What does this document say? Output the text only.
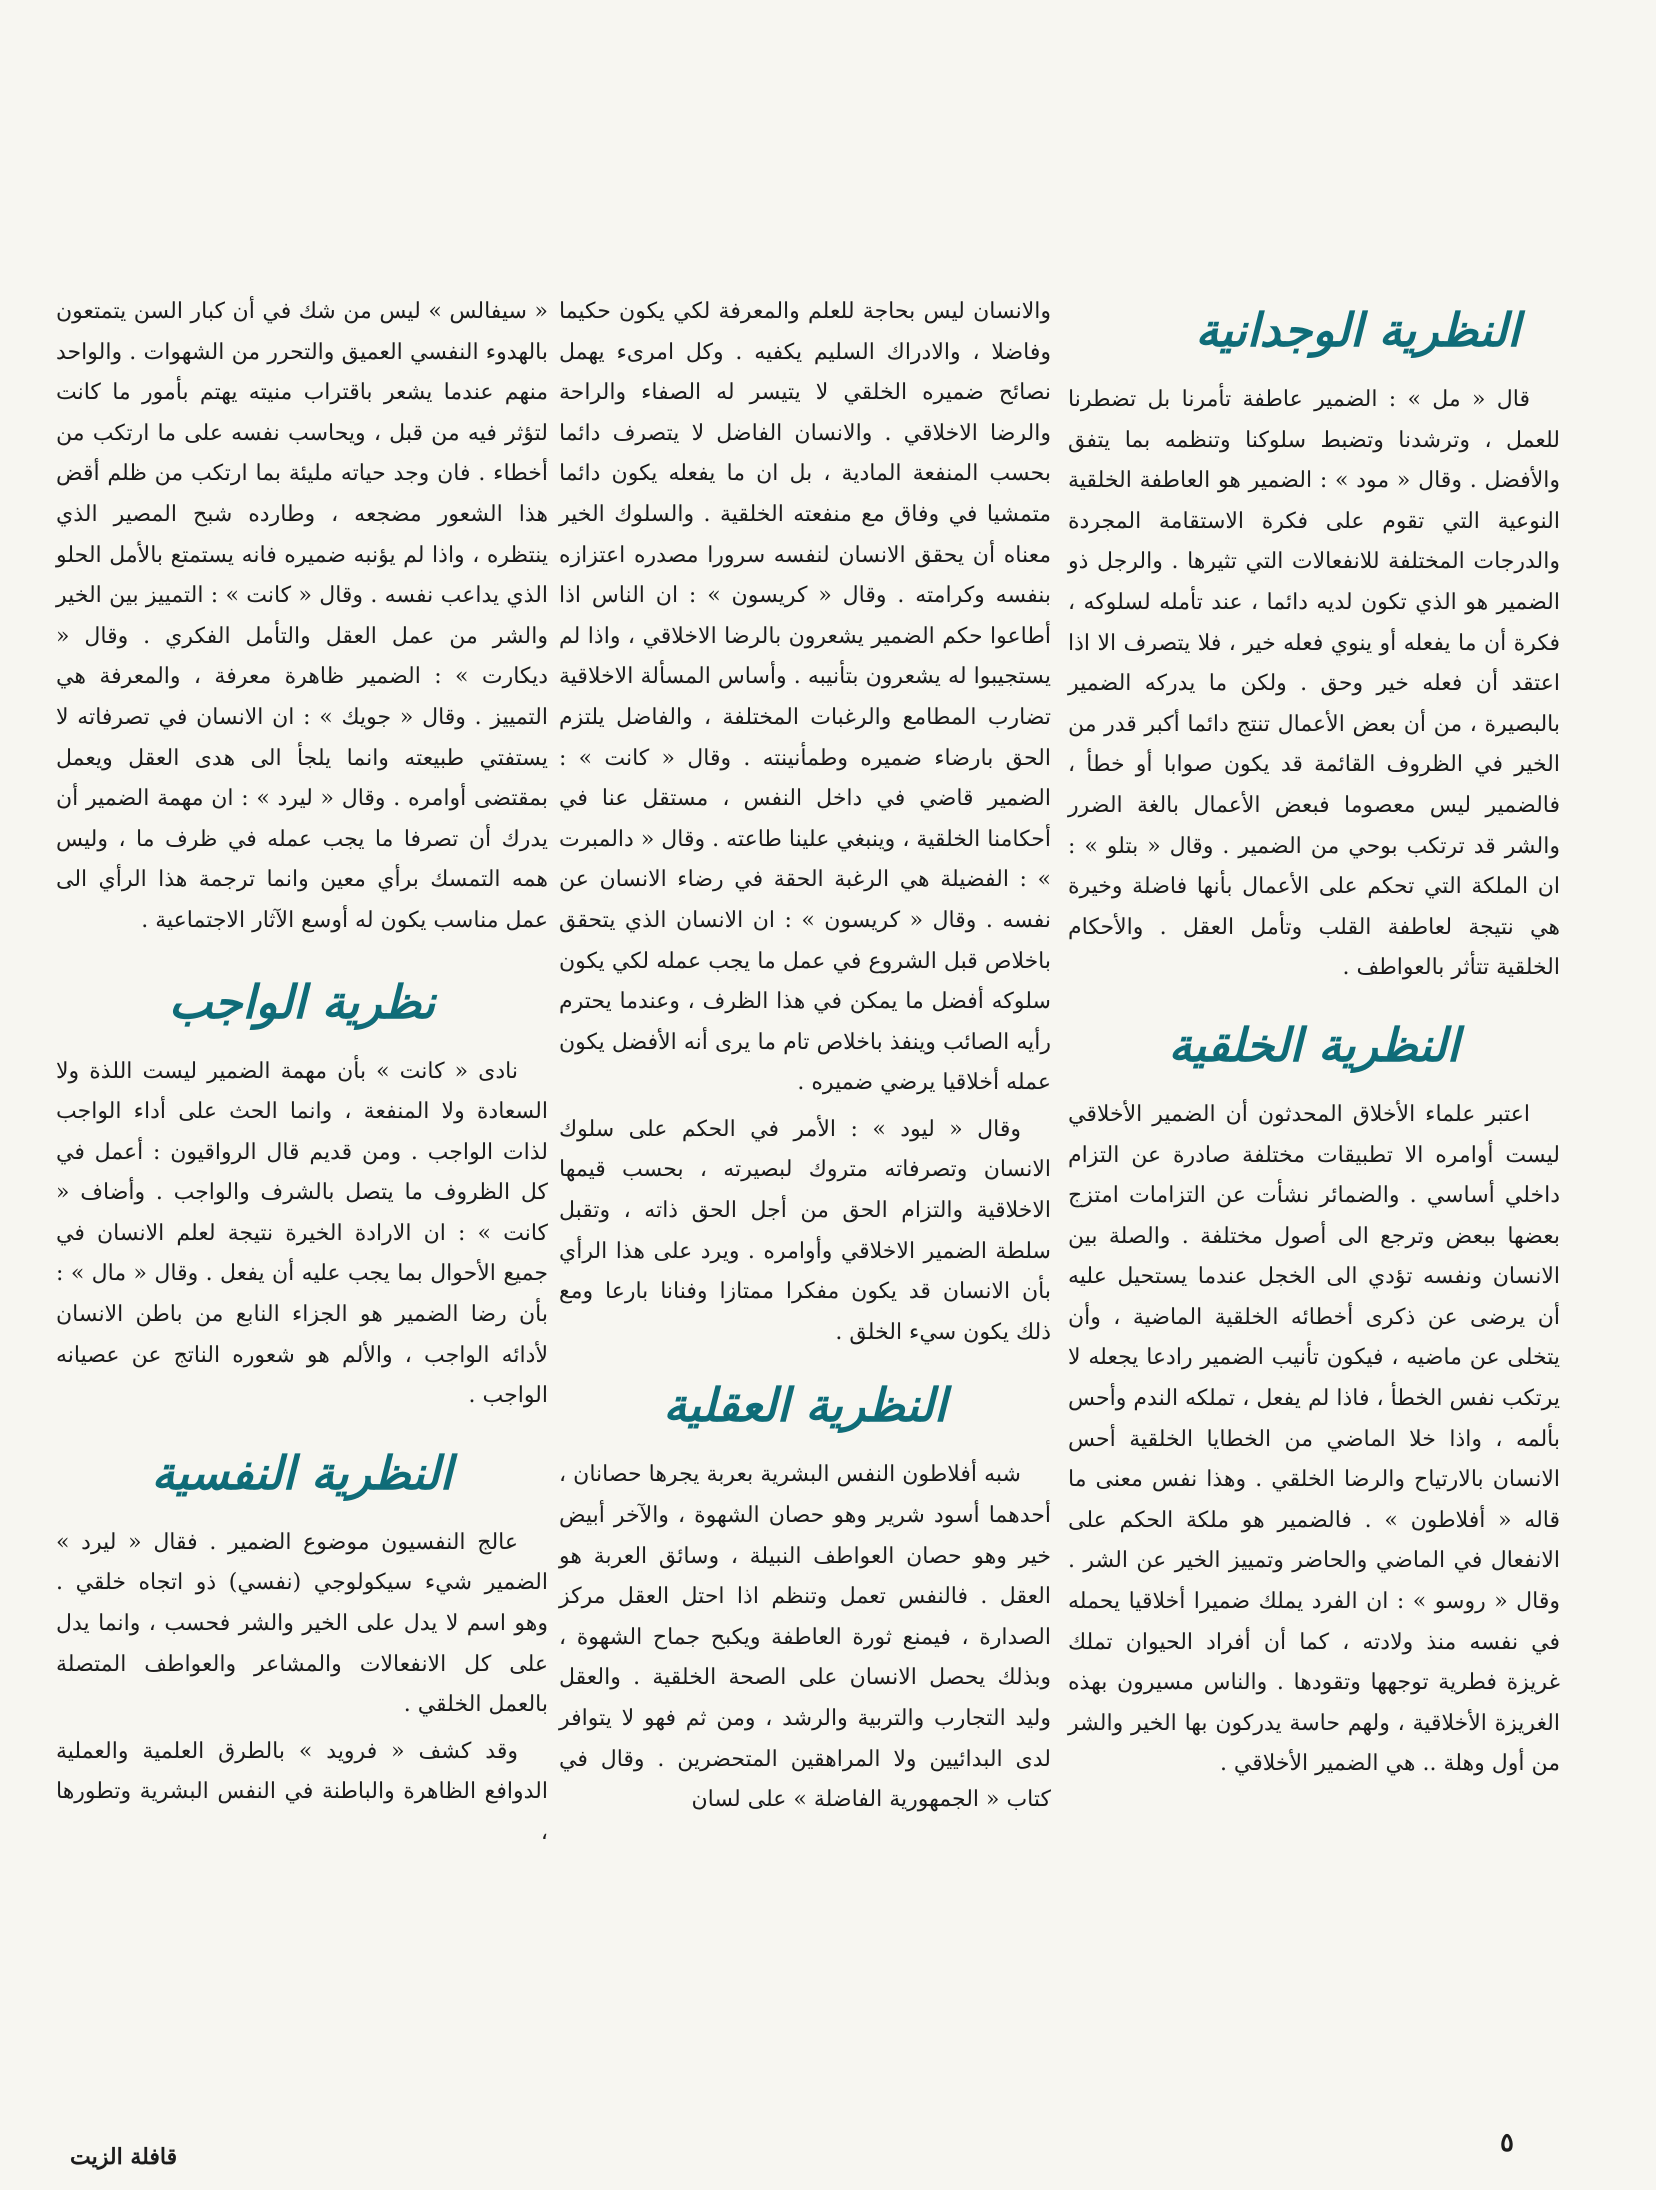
النظرية الوجدانية

قال « مل » : الضمير عاطفة تأمرنا بل تضطرنا للعمل ، وترشدنا وتضبط سلوكنا وتنظمه بما يتفق والأفضل . وقال « مود » : الضمير هو العاطفة الخلقية النوعية التي تقوم على فكرة الاستقامة المجردة والدرجات المختلفة للانفعالات التي تثيرها . والرجل ذو الضمير هو الذي تكون لديه دائما ، عند تأمله لسلوكه ، فكرة أن ما يفعله أو ينوي فعله خير ، فلا يتصرف الا اذا اعتقد أن فعله خير وحق . ولكن ما يدركه الضمير بالبصيرة ، من أن بعض الأعمال تنتج دائما أكبر قدر من الخير في الظروف القائمة قد يكون صوابا أو خطأ ، فالضمير ليس معصوما فبعض الأعمال بالغة الضرر والشر قد ترتكب بوحي من الضمير . وقال « بتلو » : ان الملكة التي تحكم على الأعمال بأنها فاضلة وخيرة هي نتيجة لعاطفة القلب وتأمل العقل . والأحكام الخلقية تتأثر بالعواطف .

النظرية الخلقية

اعتبر علماء الأخلاق المحدثون أن الضمير الأخلاقي ليست أوامره الا تطبيقات مختلفة صادرة عن التزام داخلي أساسي . والضمائر نشأت عن التزامات امتزج بعضها ببعض وترجع الى أصول مختلفة . والصلة بين الانسان ونفسه تؤدي الى الخجل عندما يستحيل عليه أن يرضى عن ذكرى أخطائه الخلقية الماضية ، وأن يتخلى عن ماضيه ، فيكون تأنيب الضمير رادعا يجعله لا يرتكب نفس الخطأ ، فاذا لم يفعل ، تملكه الندم وأحس بألمه ، واذا خلا الماضي من الخطايا الخلقية أحس الانسان بالارتياح والرضا الخلقي . وهذا نفس معنى ما قاله « أفلاطون » . فالضمير هو ملكة الحكم على الانفعال في الماضي والحاضر وتمييز الخير عن الشر . وقال « روسو » : ان الفرد يملك ضميرا أخلاقيا يحمله في نفسه منذ ولادته ، كما أن أفراد الحيوان تملك غريزة فطرية توجهها وتقودها . والناس مسيرون بهذه الغريزة الأخلاقية ، ولهم حاسة يدركون بها الخير والشر من أول وهلة .. هي الضمير الأخلاقي .

والانسان ليس بحاجة للعلم والمعرفة لكي يكون حكيما وفاضلا ، والادراك السليم يكفيه . وكل امرىء يهمل نصائح ضميره الخلقي لا يتيسر له الصفاء والراحة والرضا الاخلاقي . والانسان الفاضل لا يتصرف دائما بحسب المنفعة المادية ، بل ان ما يفعله يكون دائما متمشيا في وفاق مع منفعته الخلقية . والسلوك الخير معناه أن يحقق الانسان لنفسه سرورا مصدره اعتزازه بنفسه وكرامته . وقال « كريسون » : ان الناس اذا أطاعوا حكم الضمير يشعرون بالرضا الاخلاقي ، واذا لم يستجيبوا له يشعرون بتأنيبه . وأساس المسألة الاخلاقية تضارب المطامع والرغبات المختلفة ، والفاضل يلتزم الحق بارضاء ضميره وطمأنينته . وقال « كانت » : الضمير قاضي في داخل النفس ، مستقل عنا في أحكامنا الخلقية ، وينبغي علينا طاعته . وقال « دالمبرت » : الفضيلة هي الرغبة الحقة في رضاء الانسان عن نفسه . وقال « كريسون » : ان الانسان الذي يتحقق باخلاص قبل الشروع في عمل ما يجب عمله لكي يكون سلوكه أفضل ما يمكن في هذا الظرف ، وعندما يحترم رأيه الصائب وينفذ باخلاص تام ما يرى أنه الأفضل يكون عمله أخلاقيا يرضي ضميره .

وقال « ليود » : الأمر في الحكم على سلوك الانسان وتصرفاته متروك لبصيرته ، بحسب قيمها الاخلاقية والتزام الحق من أجل الحق ذاته ، وتقبل سلطة الضمير الاخلاقي وأوامره . ويرد على هذا الرأي بأن الانسان قد يكون مفكرا ممتازا وفنانا بارعا ومع ذلك يكون سيء الخلق .

النظرية العقلية

شبه أفلاطون النفس البشرية بعربة يجرها حصانان ، أحدهما أسود شرير وهو حصان الشهوة ، والآخر أبيض خير وهو حصان العواطف النبيلة ، وسائق العربة هو العقل . فالنفس تعمل وتنظم اذا احتل العقل مركز الصدارة ، فيمنع ثورة العاطفة ويكبح جماح الشهوة ، وبذلك يحصل الانسان على الصحة الخلقية . والعقل وليد التجارب والتربية والرشد ، ومن ثم فهو لا يتوافر لدى البدائيين ولا المراهقين المتحضرين . وقال في كتاب « الجمهورية الفاضلة » على لسان

« سيفالس » ليس من شك في أن كبار السن يتمتعون بالهدوء النفسي العميق والتحرر من الشهوات . والواحد منهم عندما يشعر باقتراب منيته يهتم بأمور ما كانت لتؤثر فيه من قبل ، ويحاسب نفسه على ما ارتكب من أخطاء . فان وجد حياته مليئة بما ارتكب من ظلم أقض هذا الشعور مضجعه ، وطارده شبح المصير الذي ينتظره ، واذا لم يؤنبه ضميره فانه يستمتع بالأمل الحلو الذي يداعب نفسه . وقال « كانت » : التمييز بين الخير والشر من عمل العقل والتأمل الفكري . وقال « ديكارت » : الضمير ظاهرة معرفة ، والمعرفة هي التمييز . وقال « جويك » : ان الانسان في تصرفاته لا يستفتي طبيعته وانما يلجأ الى هدى العقل ويعمل بمقتضى أوامره . وقال « ليرد » : ان مهمة الضمير أن يدرك أن تصرفا ما يجب عمله في ظرف ما ، وليس همه التمسك برأي معين وانما ترجمة هذا الرأي الى عمل مناسب يكون له أوسع الآثار الاجتماعية .

نظرية الواجب

نادى « كانت » بأن مهمة الضمير ليست اللذة ولا السعادة ولا المنفعة ، وانما الحث على أداء الواجب لذات الواجب . ومن قديم قال الرواقيون : أعمل في كل الظروف ما يتصل بالشرف والواجب . وأضاف « كانت » : ان الارادة الخيرة نتيجة لعلم الانسان في جميع الأحوال بما يجب عليه أن يفعل . وقال « مال » : بأن رضا الضمير هو الجزاء النابع من باطن الانسان لأدائه الواجب ، والألم هو شعوره الناتج عن عصيانه الواجب .

النظرية النفسية

عالج النفسيون موضوع الضمير . فقال « ليرد » الضمير شيء سيكولوجي (نفسي) ذو اتجاه خلقي . وهو اسم لا يدل على الخير والشر فحسب ، وانما يدل على كل الانفعالات والمشاعر والعواطف المتصلة بالعمل الخلقي .

وقد كشف « فرويد » بالطرق العلمية والعملية الدوافع الظاهرة والباطنة في النفس البشرية وتطورها ،

٥
قافلة الزيت
